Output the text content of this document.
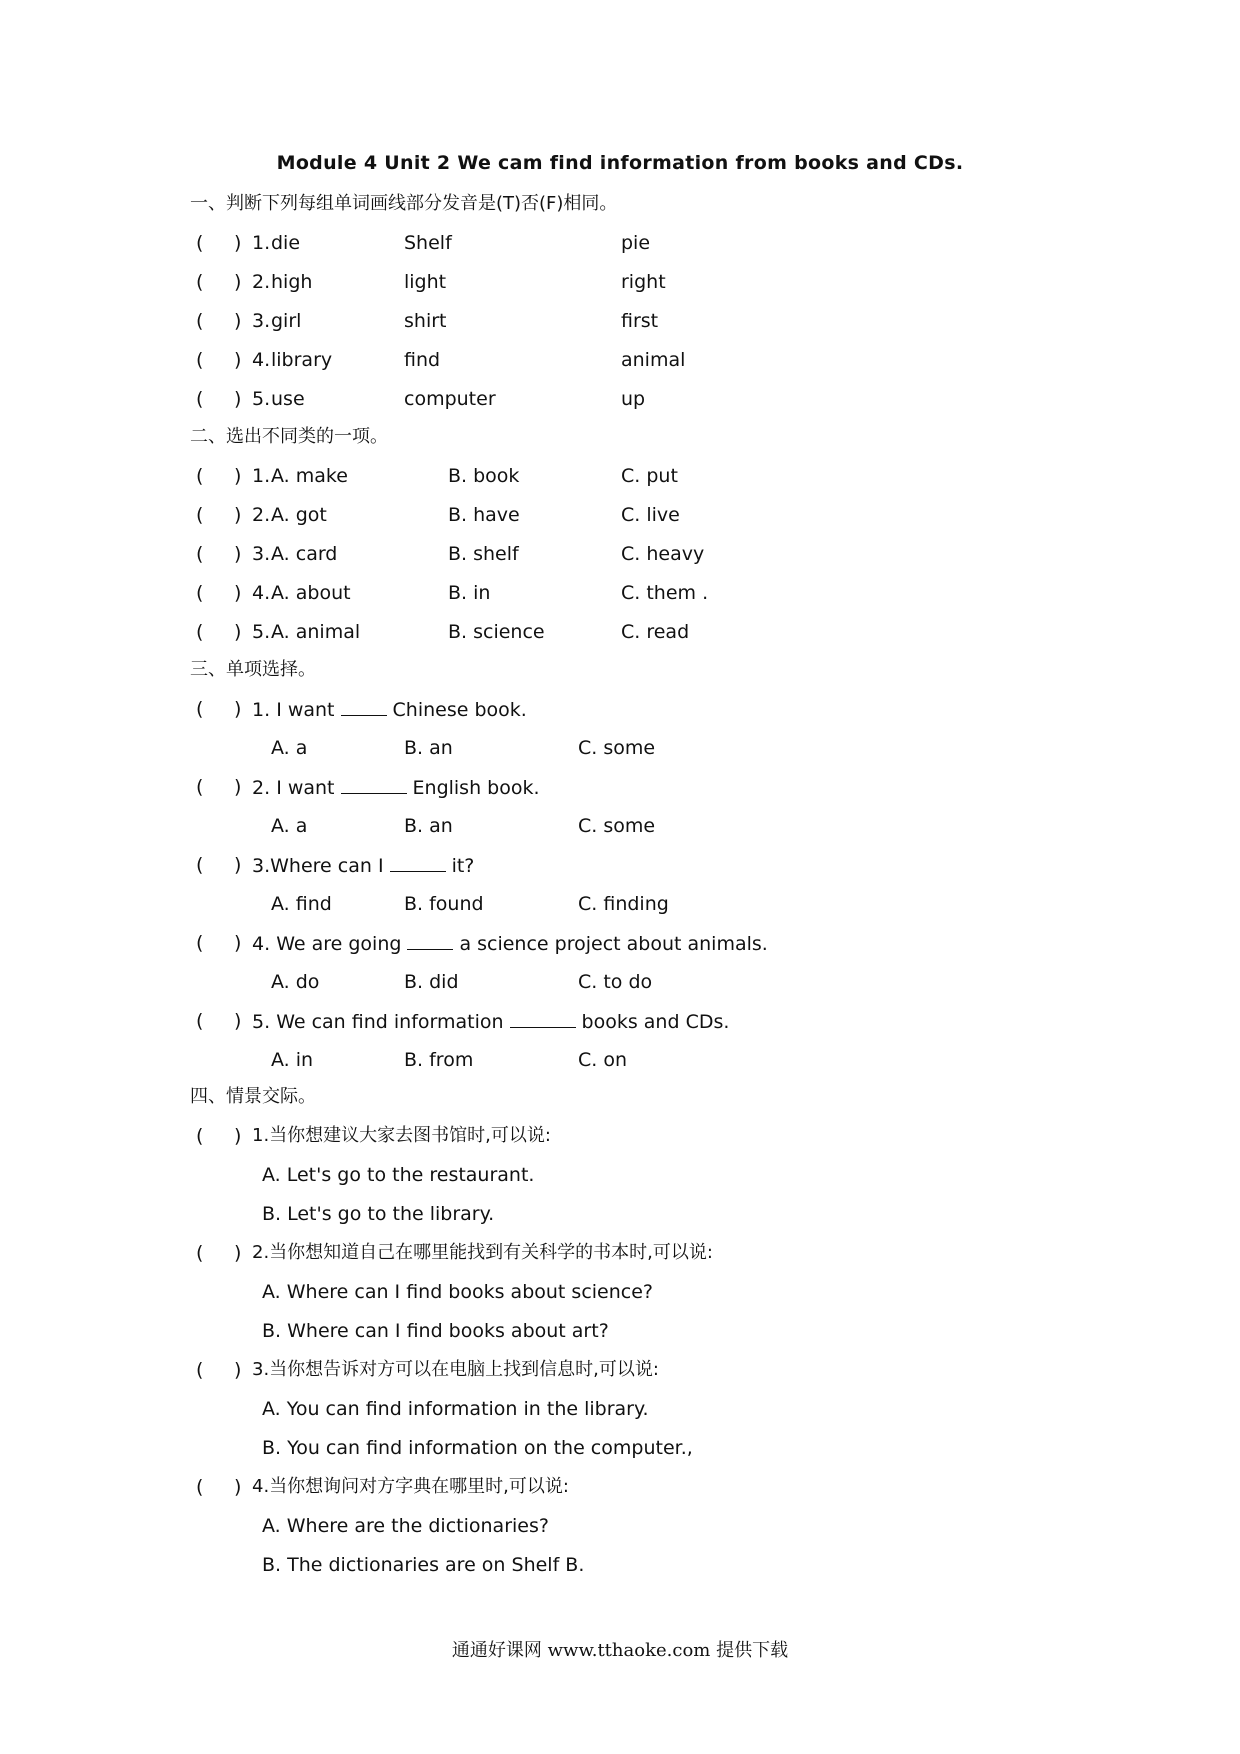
Module 4 Unit 2 We cam find information from books and CDs.
一、判断下列每组单词画线部分发音是(T)否(F)相同。
( ) 1. die	Shelf	pie
( ) 2. high	light	right
( ) 3. girl	shirt	first
( ) 4. library	find	animal
( ) 5. use	computer	up
二、选出不同类的一项。
( ) 1. A. make	B. book	C. put
( ) 2. A. got	B. have	C. live
( ) 3. A. card	B. shelf	C. heavy
( ) 4. A. about	B. in	C. them .
( ) 5. A. animal	B. science	C. read
三、单项选择。
( ) 1. I want	Chinese book.
A. a	B. an	C. some
( ) 2. I want	English book.
A. a	B. an	C. some
( ) 3.Where can I	it?
A. find	B. found	C. finding
( ) 4. We are going	a science project about animals.
A. do	B. did	C. to do
( ) 5. We can find information	books and CDs.
A. in	B. from	C. on
四、情景交际。
( ) 1.当你想建议大家去图书馆时,可以说:
A. Let's go to the restaurant.
B. Let's go to the library.
( ) 2.当你想知道自己在哪里能找到有关科学的书本时,可以说:
A. Where can I find books about science?
B. Where can I find books about art?
( ) 3.当你想告诉对方可以在电脑上找到信息时,可以说:
A. You can find information in the library.
B. You can find information on the computer.,
( ) 4.当你想询问对方字典在哪里时,可以说:
A. Where are the dictionaries?
B. The dictionaries are on Shelf B.
通通好课网 www.tthaoke.com 提供下载
